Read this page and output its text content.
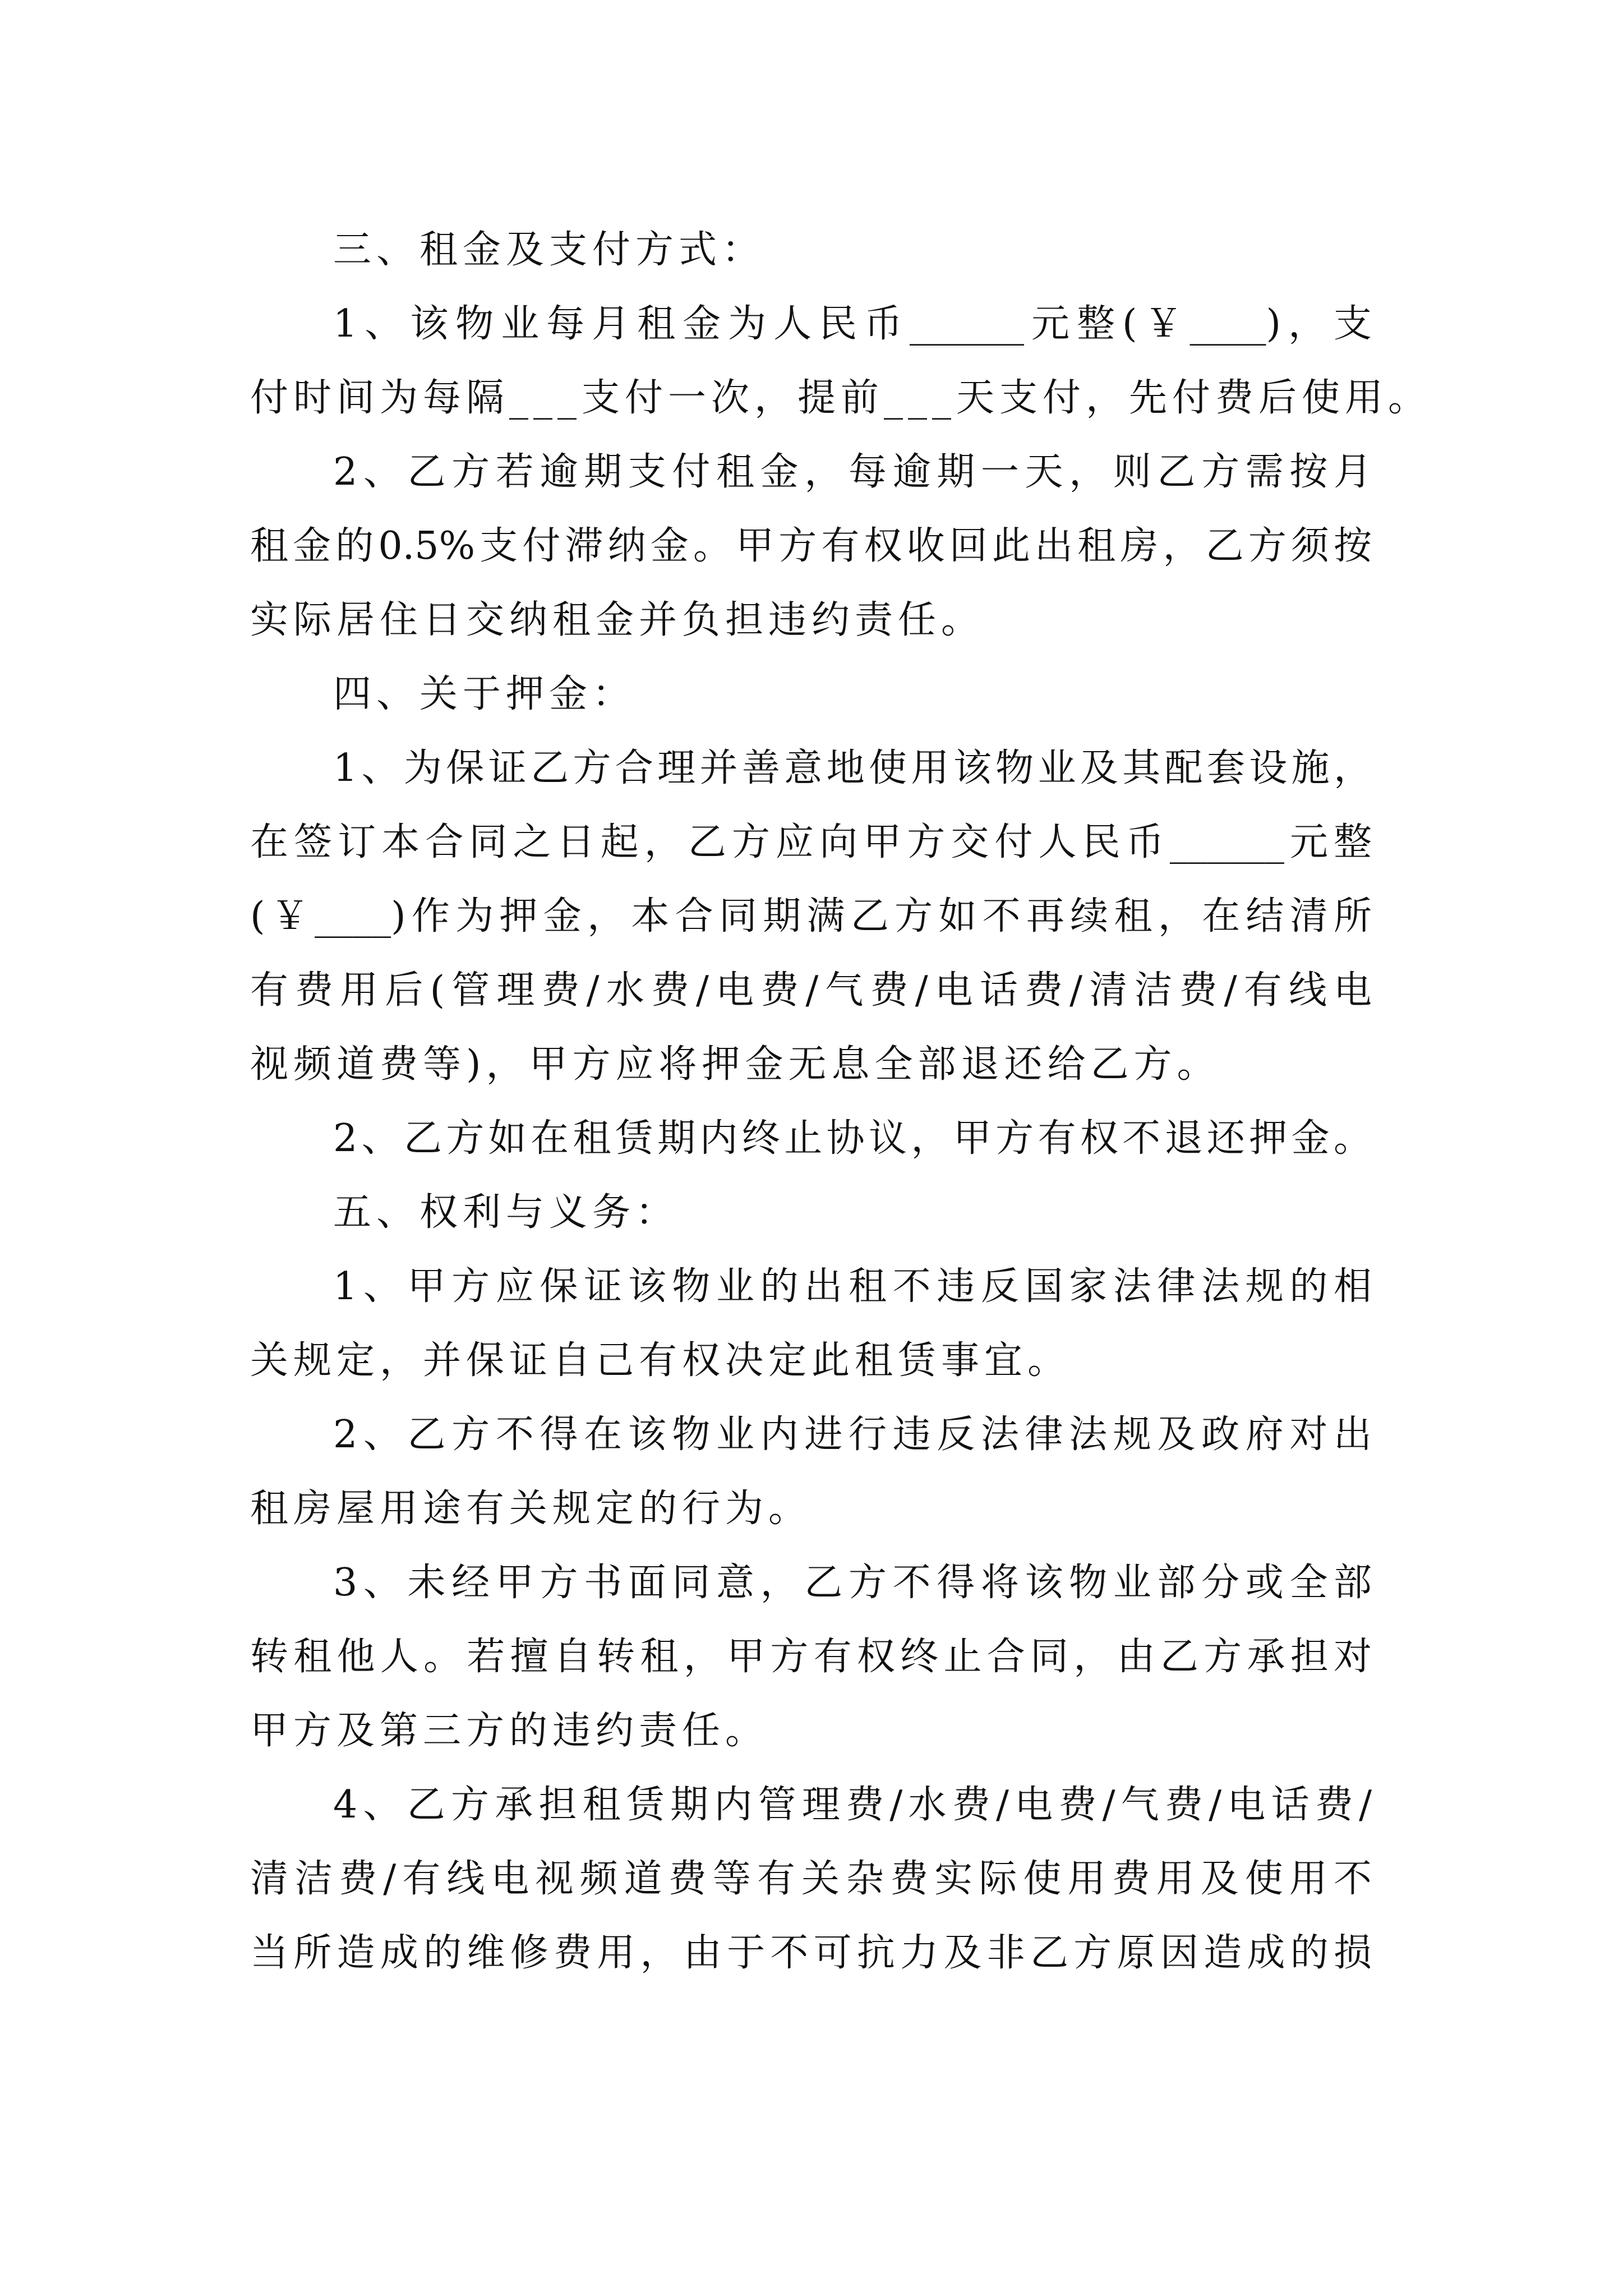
三、租金及支付方式：
1、该物业每月租金为人民币______元整(￥____)，支
付时间为每隔___支付一次，提前___天支付，先付费后使用。
2、乙方若逾期支付租金，每逾期一天，则乙方需按月
租金的0.5%支付滞纳金。甲方有权收回此出租房，乙方须按
实际居住日交纳租金并负担违约责任。
四、关于押金：
1、为保证乙方合理并善意地使用该物业及其配套设施，
在签订本合同之日起，乙方应向甲方交付人民币______元整
(￥____)作为押金，本合同期满乙方如不再续租，在结清所
有费用后(管理费/水费/电费/气费/电话费/清洁费/有线电
视频道费等)，甲方应将押金无息全部退还给乙方。
2、乙方如在租赁期内终止协议，甲方有权不退还押金。
五、权利与义务：
1、甲方应保证该物业的出租不违反国家法律法规的相
关规定，并保证自己有权决定此租赁事宜。
2、乙方不得在该物业内进行违反法律法规及政府对出
租房屋用途有关规定的行为。
3、未经甲方书面同意，乙方不得将该物业部分或全部
转租他人。若擅自转租，甲方有权终止合同，由乙方承担对
甲方及第三方的违约责任。
4、乙方承担租赁期内管理费/水费/电费/气费/电话费/
清洁费/有线电视频道费等有关杂费实际使用费用及使用不
当所造成的维修费用，由于不可抗力及非乙方原因造成的损
